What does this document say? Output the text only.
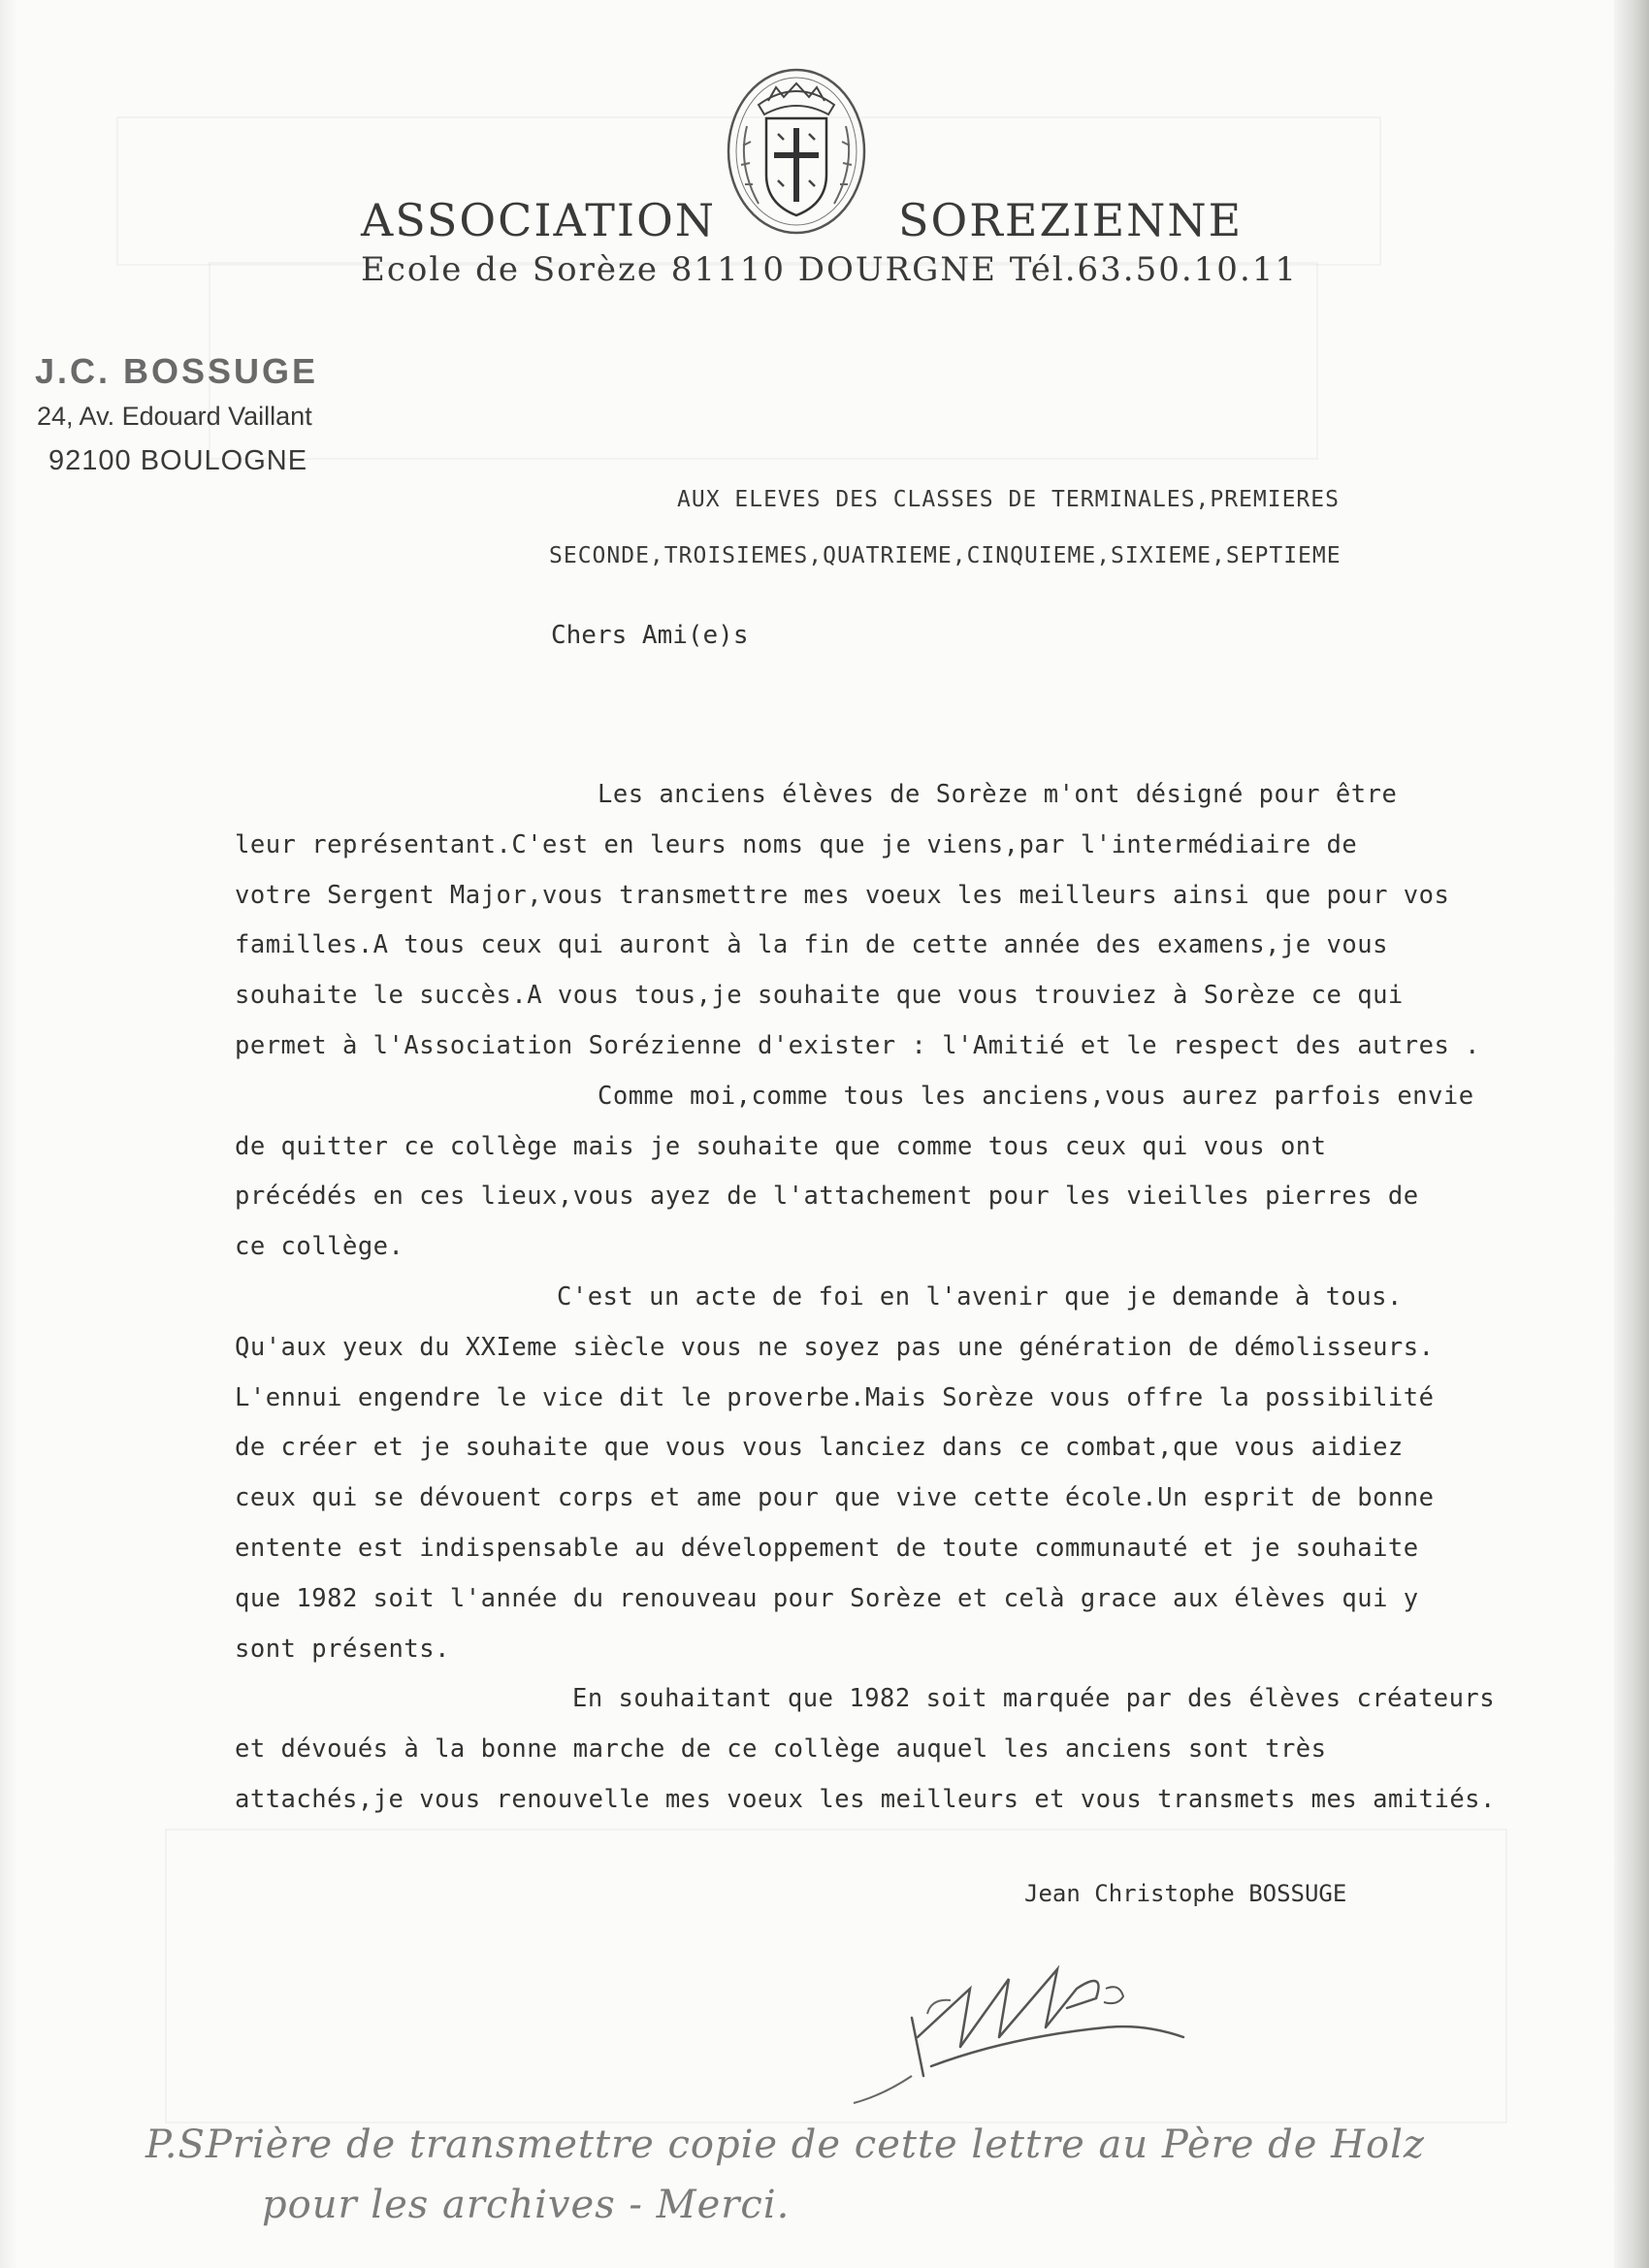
ASSOCIATION	SOREZIENNE
Ecole de Sorèze 81110 DOURGNE Tél.63.50.10.11
J.C. BOSSUGE
24, Av. Edouard Vaillant
92100 BOULOGNE
AUX ELEVES DES CLASSES DE TERMINALES,PREMIERES
SECONDE,TROISIEMES,QUATRIEME,CINQUIEME,SIXIEME,SEPTIEME
Chers Ami(e)s
Les anciens élèves de Sorèze m'ont désigné pour être
leur représentant.C'est en leurs noms que je viens,par l'intermédiaire de
votre Sergent Major,vous transmettre mes voeux les meilleurs ainsi que pour vos
familles.A tous ceux qui auront à la fin de cette année des examens,je vous
souhaite le succès.A vous tous,je souhaite que vous trouviez à Sorèze ce qui
permet à l'Association Sorézienne d'exister : l'Amitié et le respect des autres .
Comme moi,comme tous les anciens,vous aurez parfois envie
de quitter ce collège mais je souhaite que comme tous ceux qui vous ont
précédés en ces lieux,vous ayez de l'attachement pour les vieilles pierres de
ce collège.
C'est un acte de foi en l'avenir que je demande à tous.
Qu'aux yeux du XXIeme siècle vous ne soyez pas une génération de démolisseurs.
L'ennui engendre le vice dit le proverbe.Mais Sorèze vous offre la possibilité
de créer et je souhaite que vous vous lanciez dans ce combat,que vous aidiez
ceux qui se dévouent corps et ame pour que vive cette école.Un esprit de bonne
entente est indispensable au développement de toute communauté et je souhaite
que 1982 soit l'année du renouveau pour Sorèze et celà grace aux élèves qui y
sont présents.
En souhaitant que 1982 soit marquée par des élèves créateurs
et dévoués à la bonne marche de ce collège auquel les anciens sont très
attachés,je vous renouvelle mes voeux les meilleurs et vous transmets mes amitiés.
Jean Christophe BOSSUGE
P.SPrière de transmettre copie de cette lettre au Père de Holz
pour les archives - Merci.
